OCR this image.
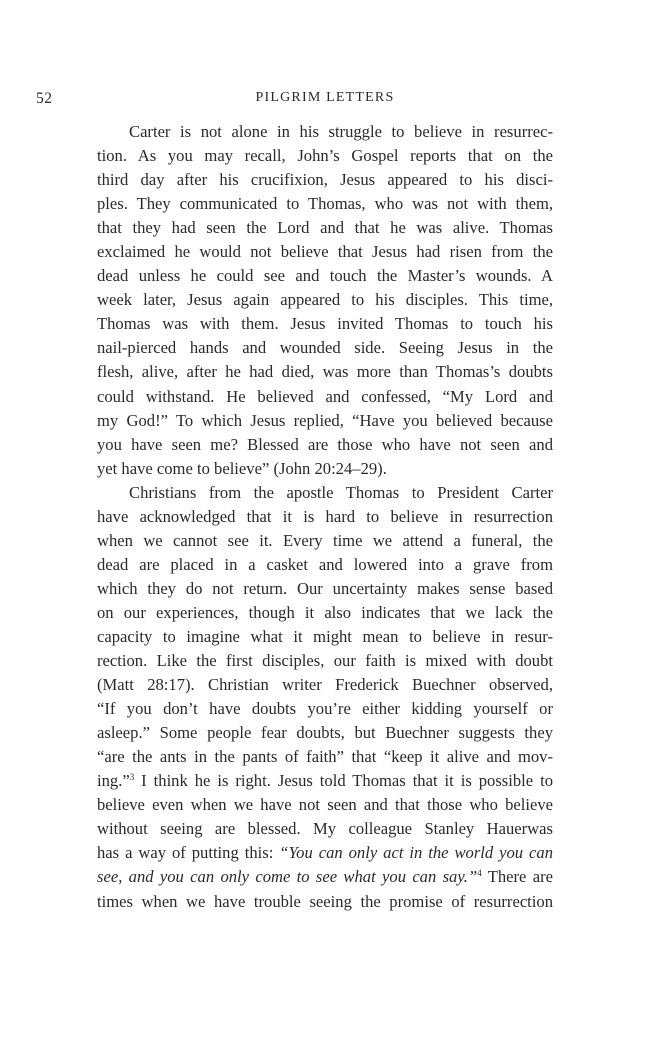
52	PILGRIM LETTERS
Carter is not alone in his struggle to believe in resurrec-
tion. As you may recall, John’s Gospel reports that on the
third day after his crucifixion, Jesus appeared to his disci-
ples. They communicated to Thomas, who was not with them,
that they had seen the Lord and that he was alive. Thomas
exclaimed he would not believe that Jesus had risen from the
dead unless he could see and touch the Master’s wounds. A
week later, Jesus again appeared to his disciples. This time,
Thomas was with them. Jesus invited Thomas to touch his
nail-pierced hands and wounded side. Seeing Jesus in the
flesh, alive, after he had died, was more than Thomas’s doubts
could withstand. He believed and confessed, “My Lord and
my God!” To which Jesus replied, “Have you believed because
you have seen me? Blessed are those who have not seen and
yet have come to believe” (John 20:24–29).
Christians from the apostle Thomas to President Carter
have acknowledged that it is hard to believe in resurrection
when we cannot see it. Every time we attend a funeral, the
dead are placed in a casket and lowered into a grave from
which they do not return. Our uncertainty makes sense based
on our experiences, though it also indicates that we lack the
capacity to imagine what it might mean to believe in resur-
rection. Like the first disciples, our faith is mixed with doubt
(Matt 28:17). Christian writer Frederick Buechner observed,
“If you don’t have doubts you’re either kidding yourself or
asleep.” Some people fear doubts, but Buechner suggests they
“are the ants in the pants of faith” that “keep it alive and mov-
ing.”$^3$ I think he is right. Jesus told Thomas that it is possible to
believe even when we have not seen and that those who believe
without seeing are blessed. My colleague Stanley Hauerwas
has a way of putting this: “You can only act in the world you can
see, and you can only come to see what you can say.”$^4$ There are
times when we have trouble seeing the promise of resurrection
